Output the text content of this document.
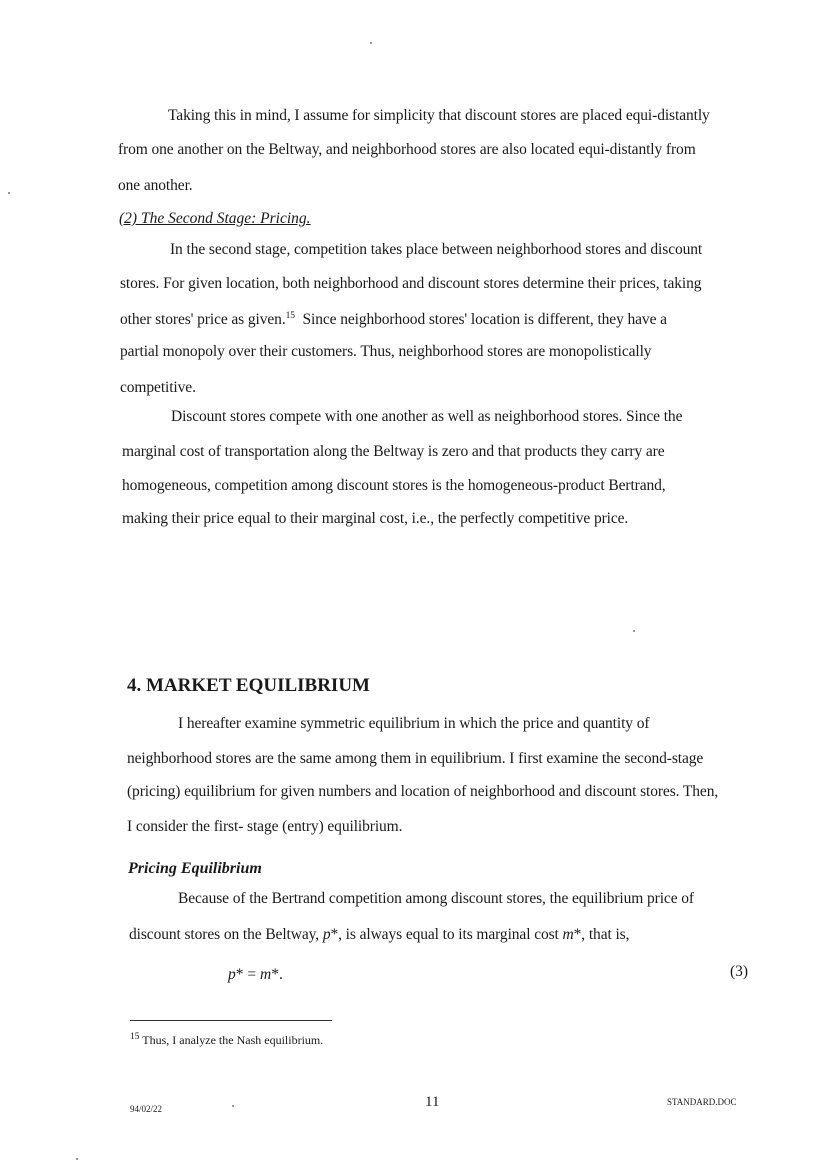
Taking this in mind, I assume for simplicity that discount stores are placed equi-distantly
from one another on the Beltway, and neighborhood stores are also located equi-distantly from
one another.
(2) The Second Stage: Pricing.
In the second stage, competition takes place between neighborhood stores and discount
stores. For given location, both neighborhood and discount stores determine their prices, taking
other stores' price as given.$^{15}$ Since neighborhood stores' location is different, they have a
partial monopoly over their customers. Thus, neighborhood stores are monopolistically
competitive.
Discount stores compete with one another as well as neighborhood stores. Since the
marginal cost of transportation along the Beltway is zero and that products they carry are
homogeneous, competition among discount stores is the homogeneous-product Bertrand,
making their price equal to their marginal cost, i.e., the perfectly competitive price.
4. MARKET EQUILIBRIUM
I hereafter examine symmetric equilibrium in which the price and quantity of
neighborhood stores are the same among them in equilibrium. I first examine the second-stage
(pricing) equilibrium for given numbers and location of neighborhood and discount stores. Then,
I consider the first- stage (entry) equilibrium.
Pricing Equilibrium
Because of the Bertrand competition among discount stores, the equilibrium price of
discount stores on the Beltway, p*, is always equal to its marginal cost m*, that is,
p* = m*.	(3)
$^{15}$ Thus, I analyze the Nash equilibrium.
94/02/22	11	STANDARD.DOC
